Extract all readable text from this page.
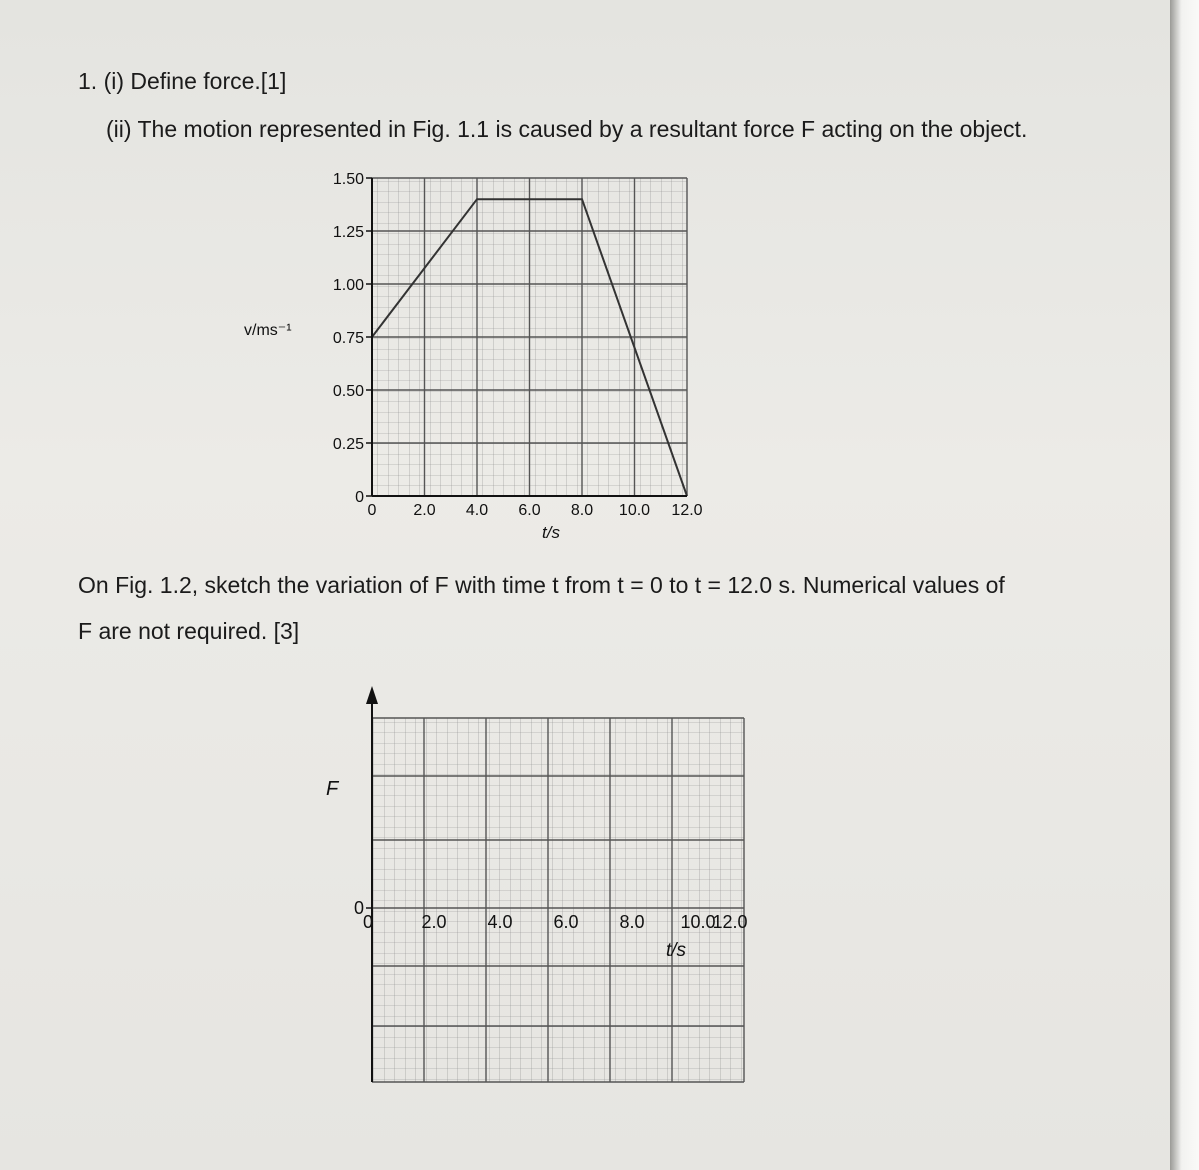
1. (i) Define force.[1]
(ii) The motion represented in Fig. 1.1 is caused by a resultant force F acting on the object.
0
0.25
0.50
0.75
1.00
1.25
1.50
0 2.0 4.0 6.0 8.0 10.0 12.0
v/ms⁻¹
t/s
On Fig. 1.2, sketch the variation of F with time t from t = 0 to t = 12.0 s. Numerical values of
F are not required. [3]
F
0
0	2.0 4.0 6.0 8.0 10.0
12.0
t/s
